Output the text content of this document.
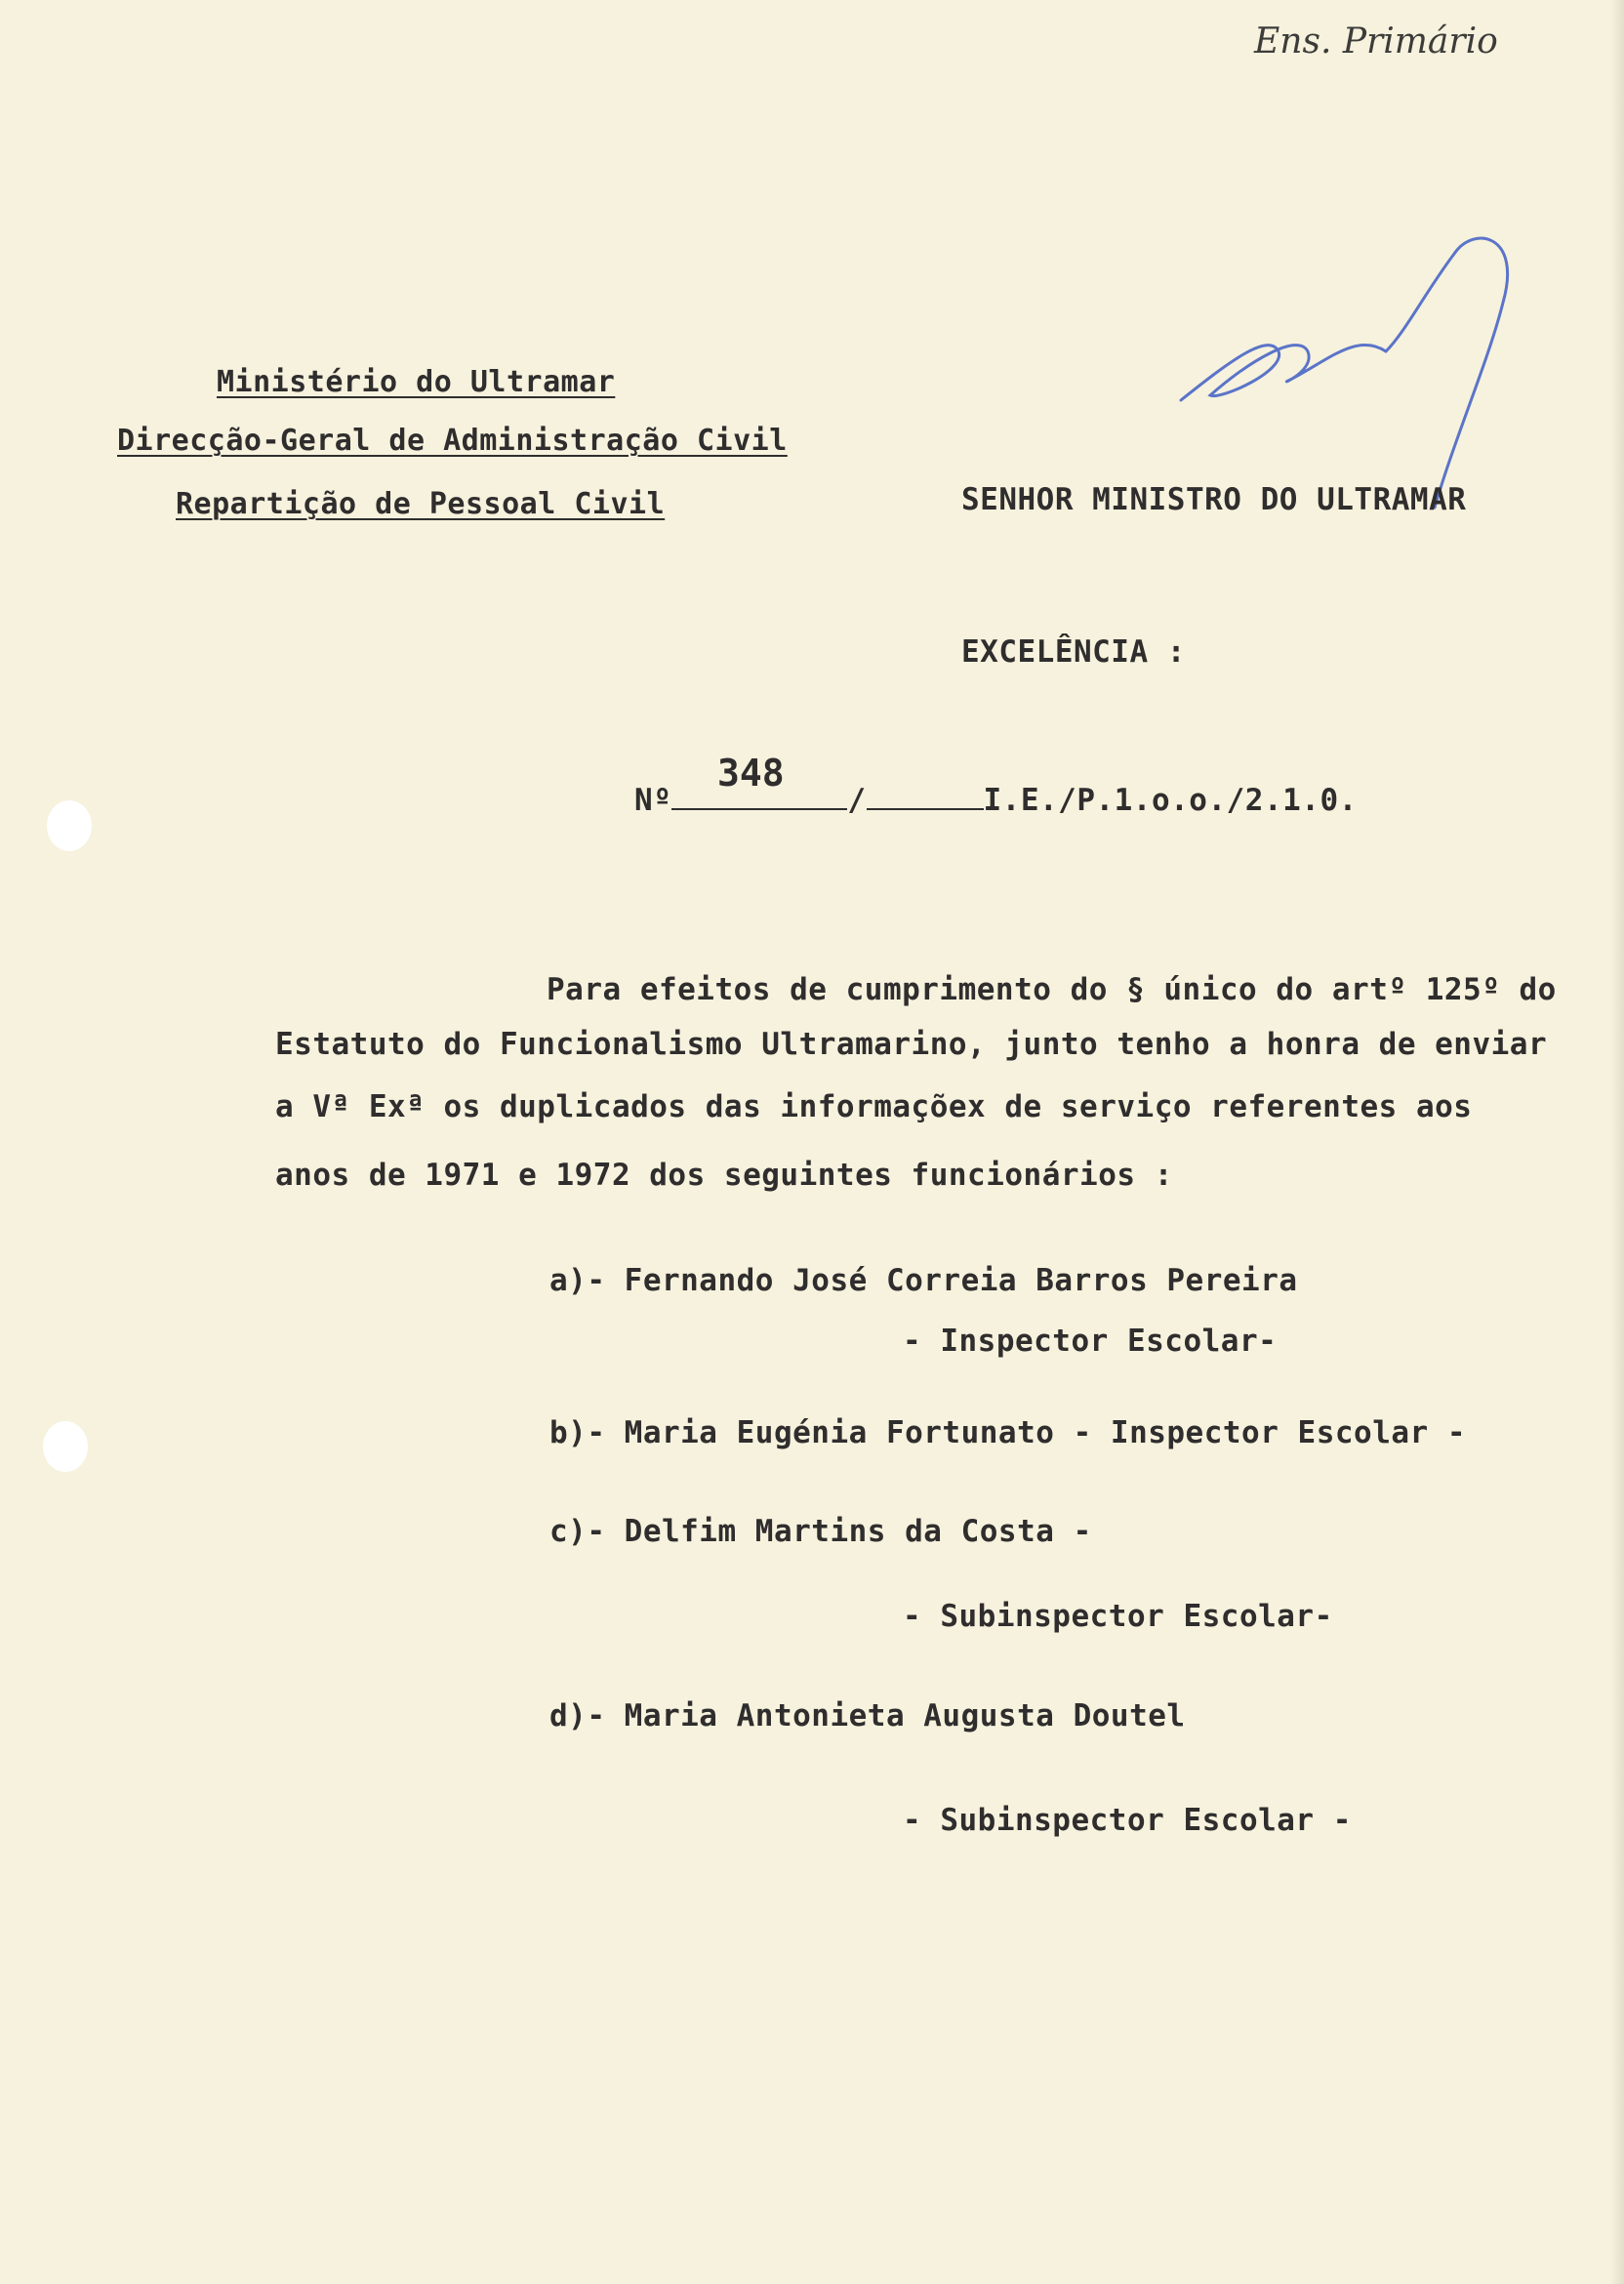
Ens. Primário

Ministério do Ultramar

Direcção-Geral de Administração Civil

Repartição de Pessoal Civil	SENHOR MINISTRO DO ULTRAMAR

EXCELÊNCIA :

Nº	/	I.E./P.1.o.o./2.1.0.

348

Para efeitos de cumprimento do § único do artº 125º do

Estatuto do Funcionalismo Ultramarino, junto tenho a honra de enviar

a Vª Exª os duplicados das informaçõex de serviço referentes aos

anos de 1971 e 1972 dos seguintes funcionários :

a)- Fernando José Correia Barros Pereira

- Inspector Escolar-

b)- Maria Eugénia Fortunato - Inspector Escolar -

c)- Delfim Martins da Costa -

- Subinspector Escolar-

d)- Maria Antonieta Augusta Doutel

- Subinspector Escolar -
